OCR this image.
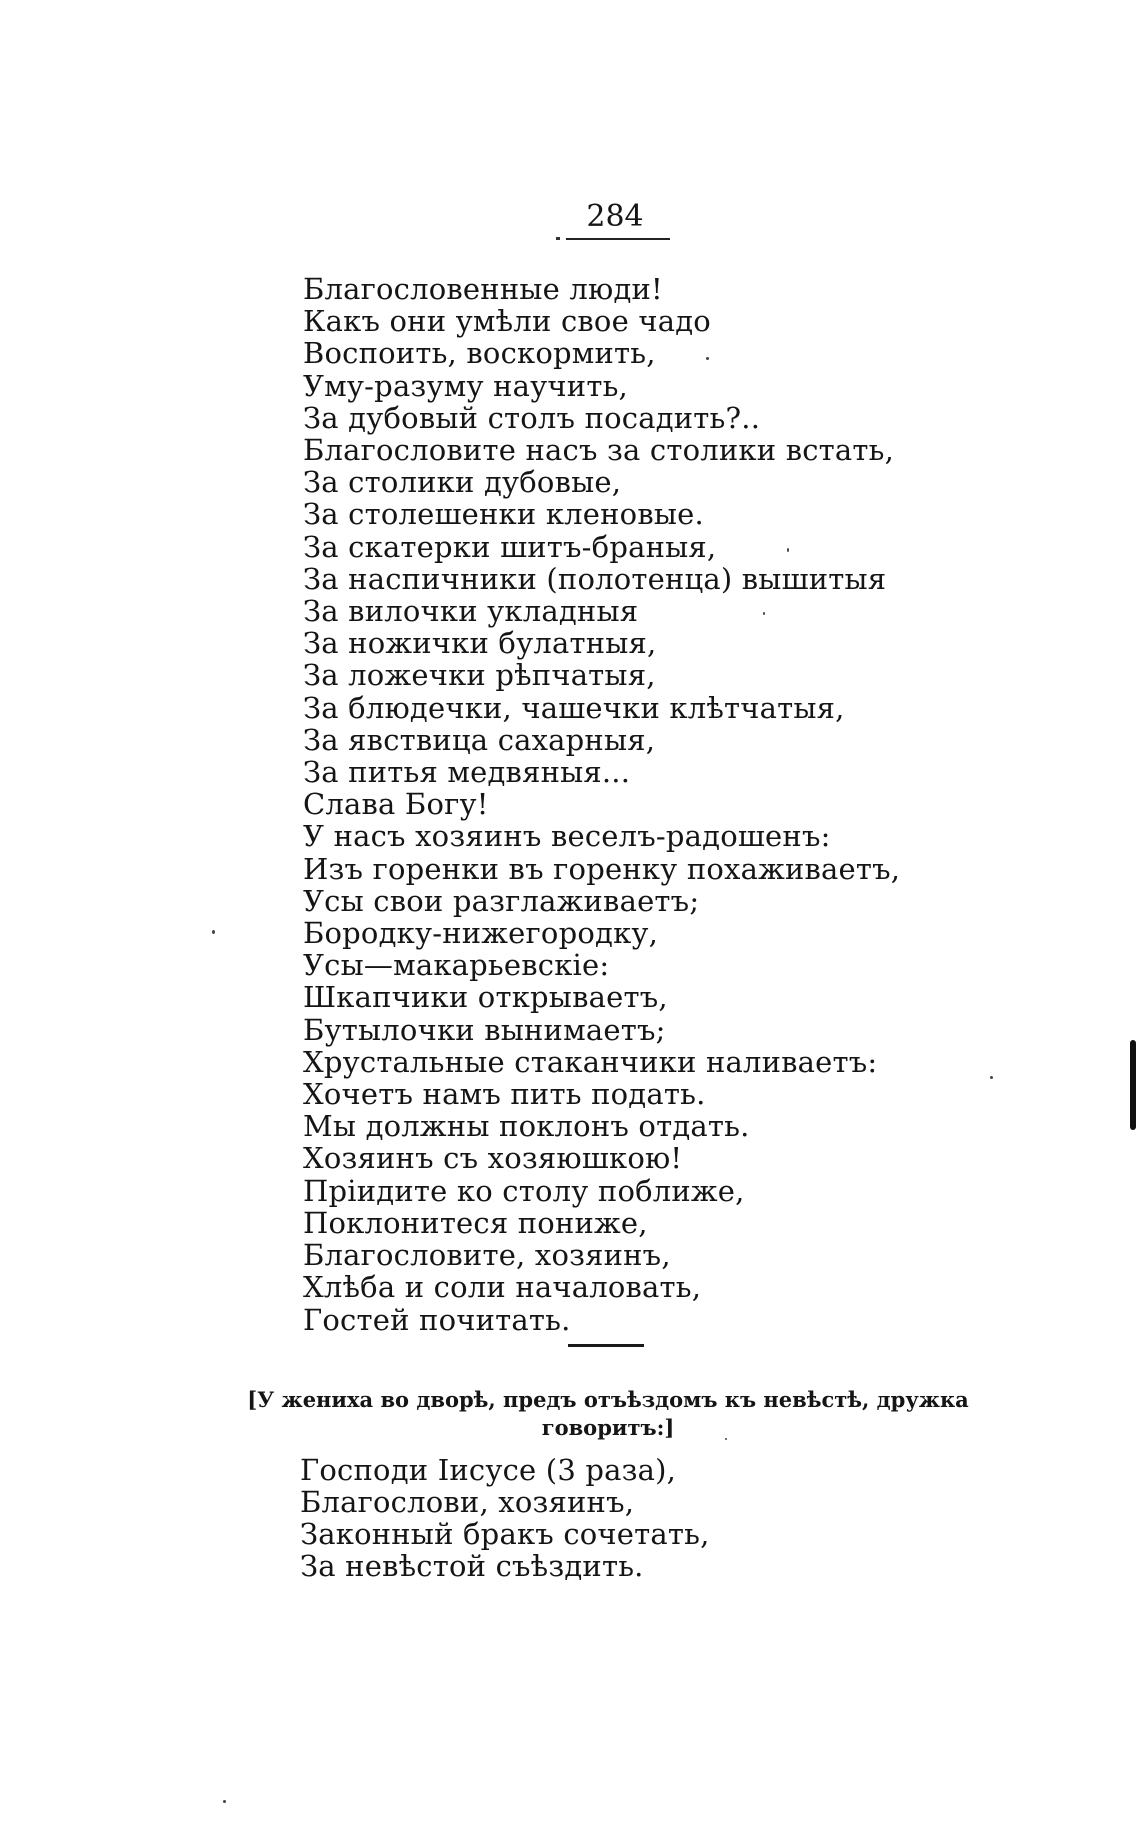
284
Благословенные люди!
Какъ они умѣли свое чадо
Воспоить, воскормить,
Уму-разуму научить,
За дубовый столъ посадить?..
Благословите насъ за столики встать,
За столики дубовые,
За столешенки кленовые.
За скатерки шитъ-браныя,
За наспичники (полотенца) вышитыя
За вилочки укладныя
За ножички булатныя,
За ложечки рѣпчатыя,
За блюдечки, чашечки клѣтчатыя,
За явствица сахарныя,
За питья медвяныя...
Слава Богу!
У насъ хозяинъ веселъ-радошенъ:
Изъ горенки въ горенку похаживаетъ,
Усы свои разглаживаетъ;
Бородку-нижегородку,
Усы—макарьевскіе:
Шкапчики открываетъ,
Бутылочки вынимаетъ;
Хрустальные стаканчики наливаетъ:
Хочетъ намъ пить подать.
Мы должны поклонъ отдать.
Хозяинъ съ хозяюшкою!
Пріидите ко столу поближе,
Поклонитеся пониже,
Благословите, хозяинъ,
Хлѣба и соли началовать,
Гостей почитать.
[У жениха во дворѣ, предъ отъѣздомъ къ невѣстѣ, дружка
говоритъ:]
Господи Іисусе (3 раза),
Благослови, хозяинъ,
Законный бракъ сочетать,
За невѣстой съѣздить.
